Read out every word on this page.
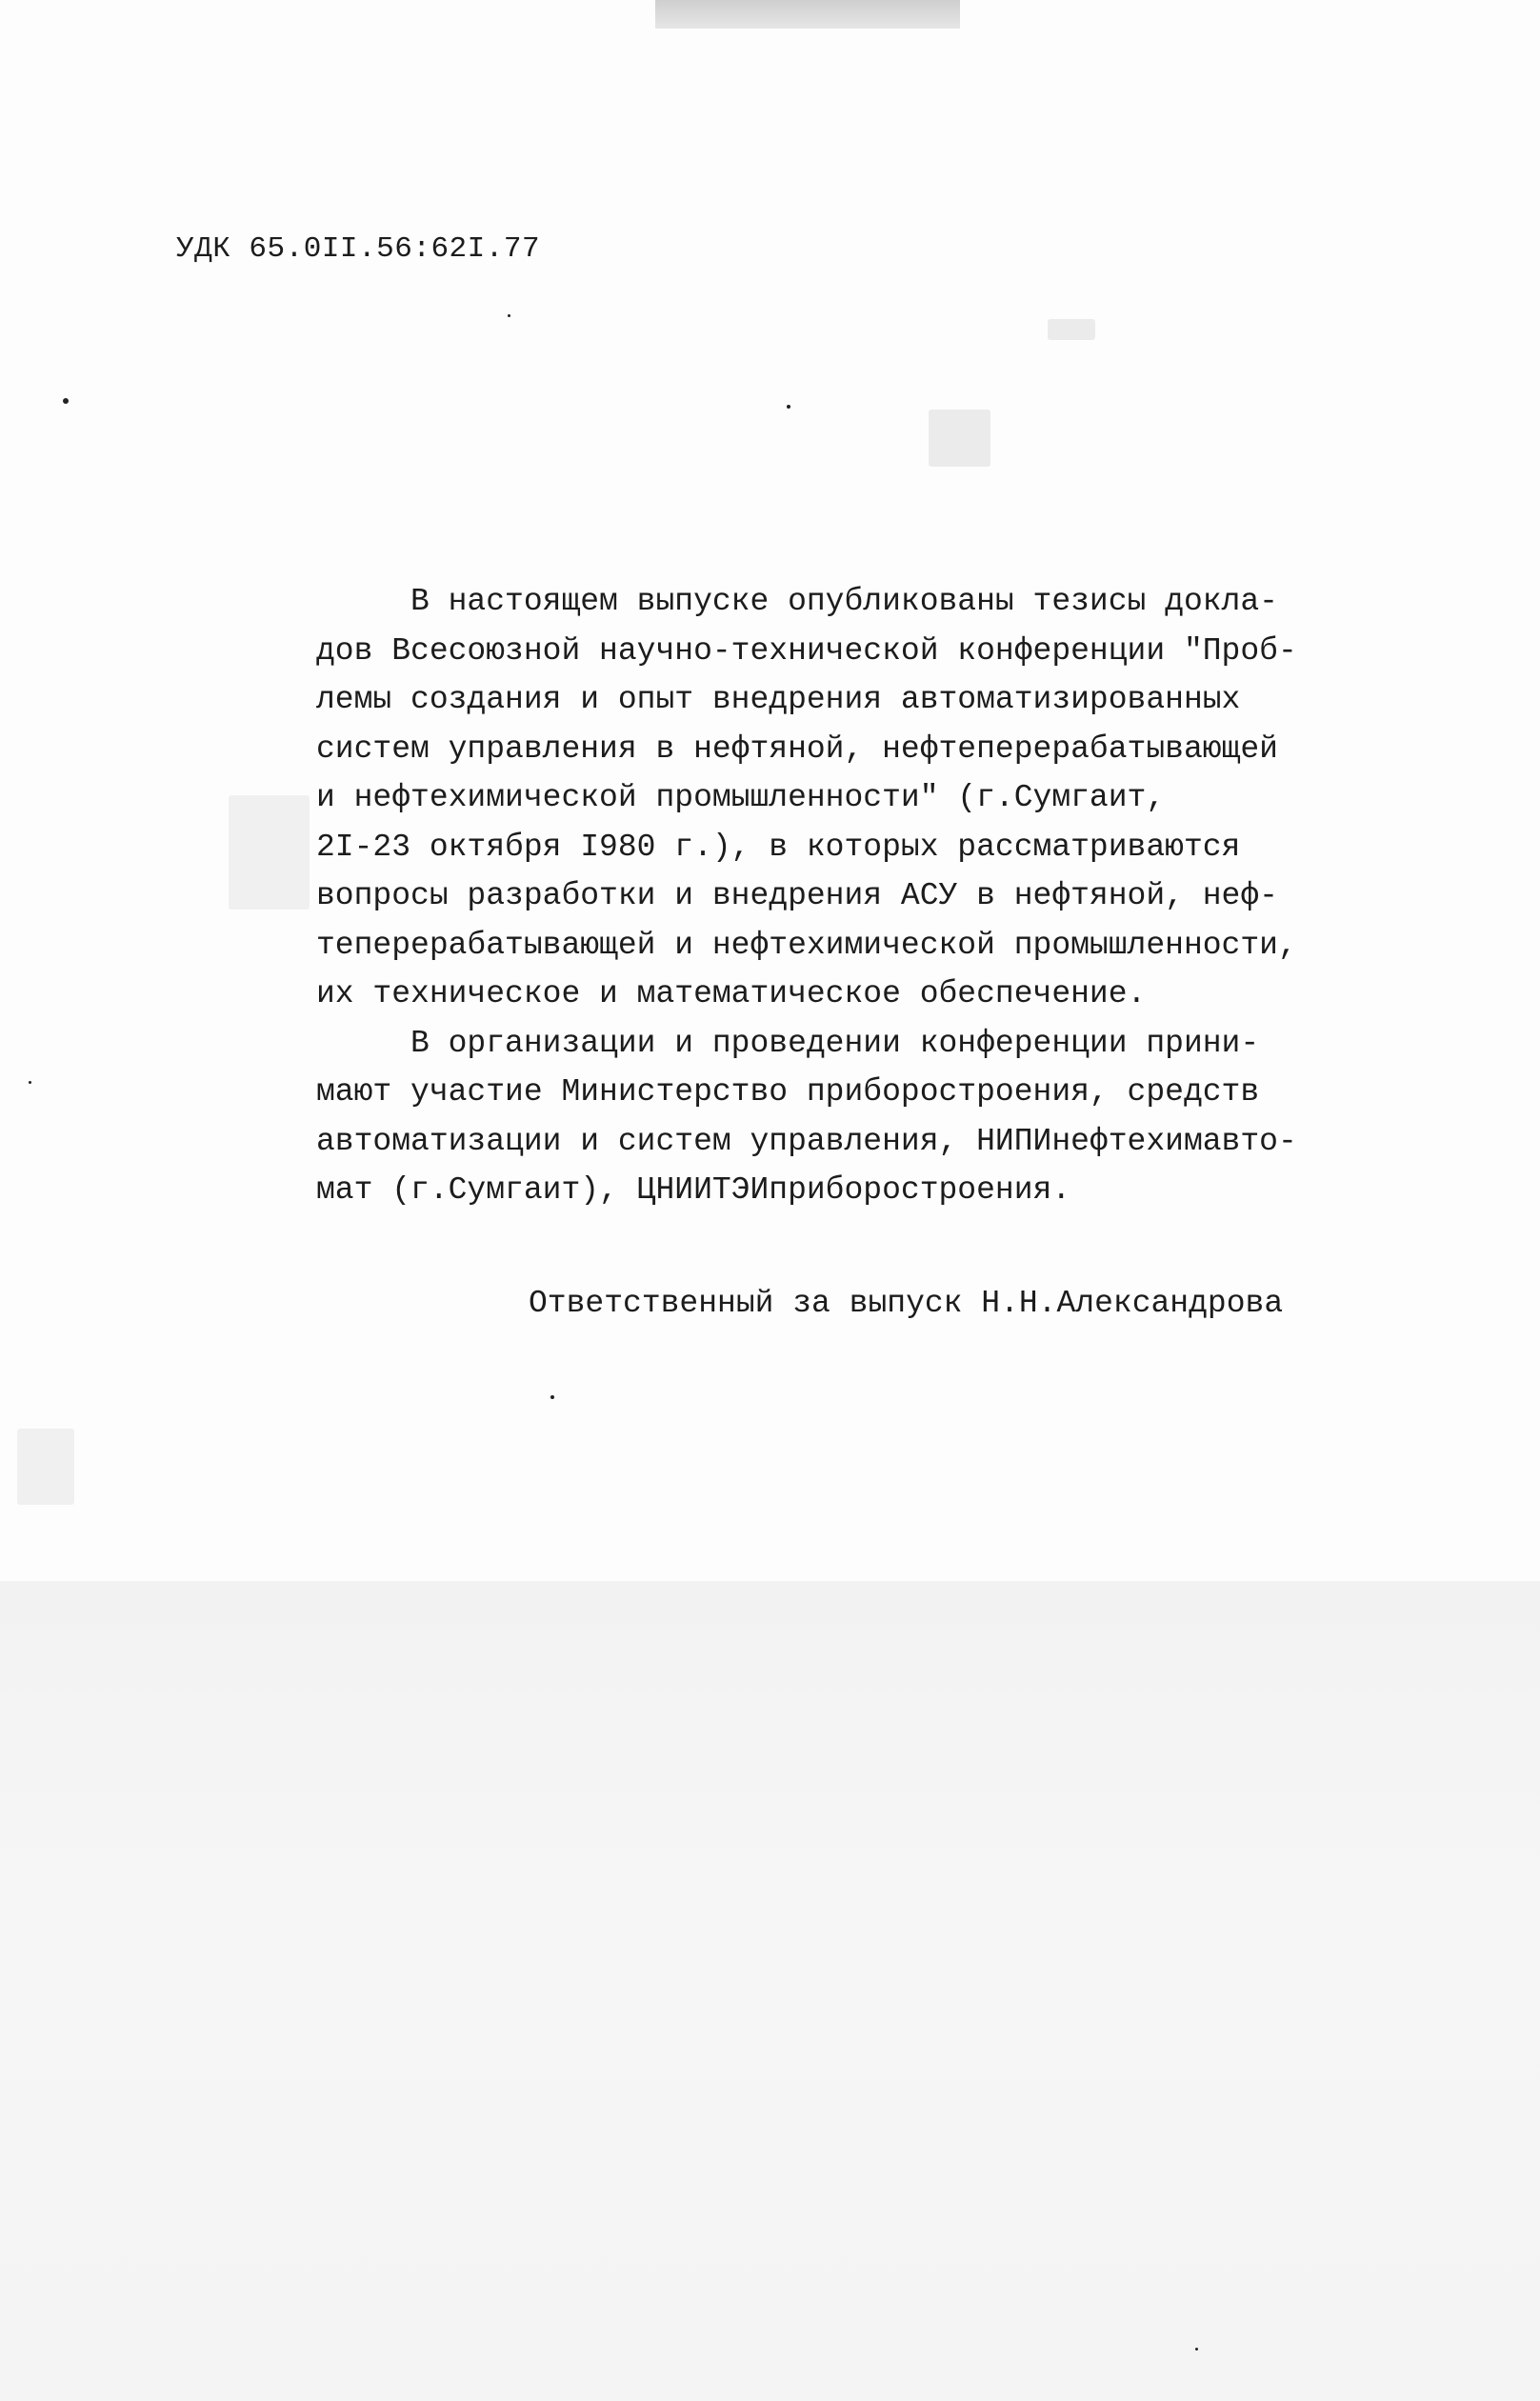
УДК 65.0II.56:62I.77
В настоящем выпуске опубликованы тезисы докла-
дов Всесоюзной научно-технической конференции "Проб-
лемы создания и опыт внедрения автоматизированных
систем управления в нефтяной, нефтеперерабатывающей
и нефтехимической промышленности" (г.Сумгаит,
2I-23 октября I980 г.), в которых рассматриваются
вопросы разработки и внедрения АСУ в нефтяной, неф-
теперерабатывающей и нефтехимической промышленности,
их техническое и математическое обеспечение.
В организации и проведении конференции прини-
мают участие Министерство приборостроения, средств
автоматизации и систем управления, НИПИнефтехимавто-
мат (г.Сумгаит), ЦНИИТЭИприборостроения.
Ответственный за выпуск Н.Н.Александрова
